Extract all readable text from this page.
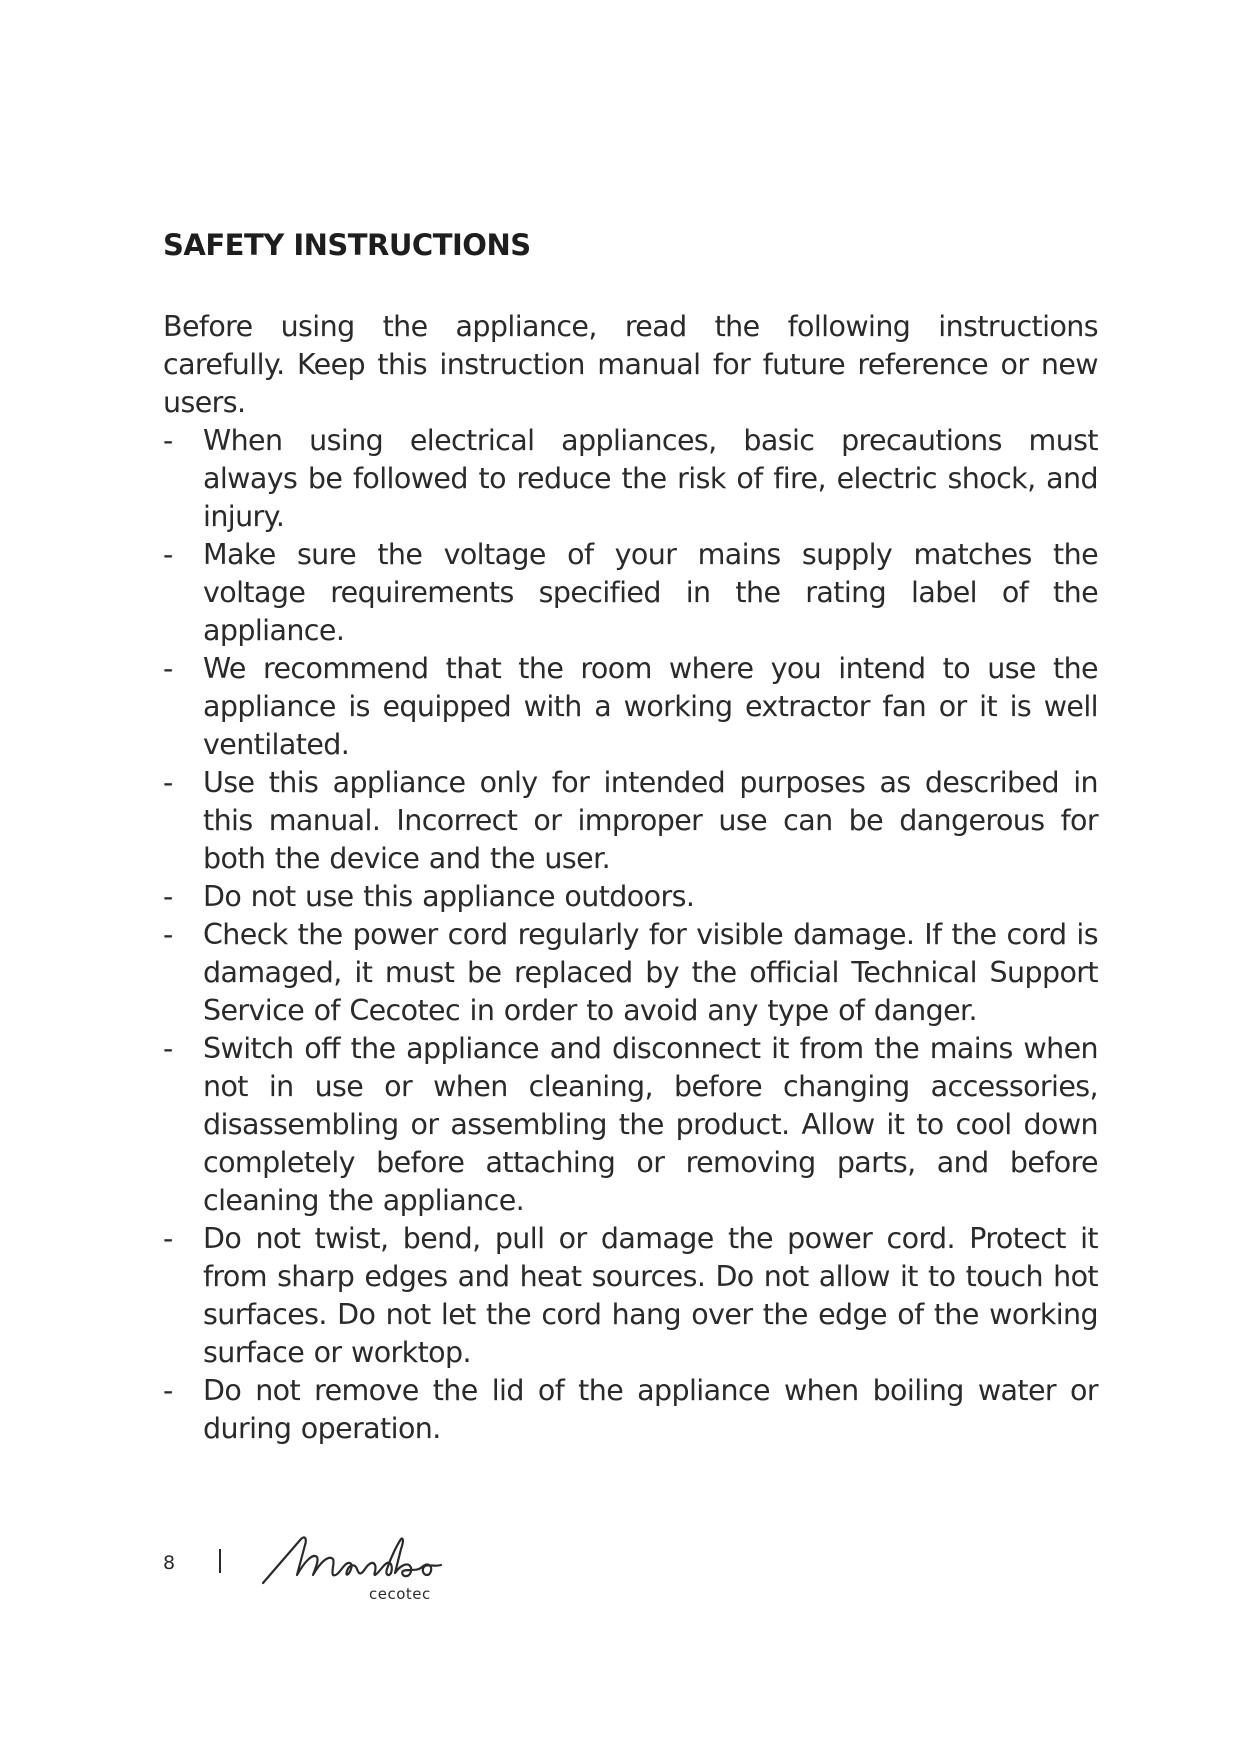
SAFETY INSTRUCTIONS

Before using the appliance, read the following instructions carefully. Keep this instruction manual for future reference or new users.

- When using electrical appliances, basic precautions must always be followed to reduce the risk of fire, electric shock, and injury.
- Make sure the voltage of your mains supply matches the voltage requirements specified in the rating label of the appliance.
- We recommend that the room where you intend to use the appliance is equipped with a working extractor fan or it is well ventilated.
- Use this appliance only for intended purposes as described in this manual. Incorrect or improper use can be dangerous for both the device and the user.
- Do not use this appliance outdoors.
- Check the power cord regularly for visible damage. If the cord is damaged, it must be replaced by the official Technical Support Service of Cecotec in order to avoid any type of danger.
- Switch off the appliance and disconnect it from the mains when not in use or when cleaning, before changing accessories, disassembling or assembling the product. Allow it to cool down completely before attaching or removing parts, and before cleaning the appliance.
- Do not twist, bend, pull or damage the power cord. Protect it from sharp edges and heat sources. Do not allow it to touch hot surfaces. Do not let the cord hang over the edge of the working surface or worktop.
- Do not remove the lid of the appliance when boiling water or during operation.
8
cecotec
